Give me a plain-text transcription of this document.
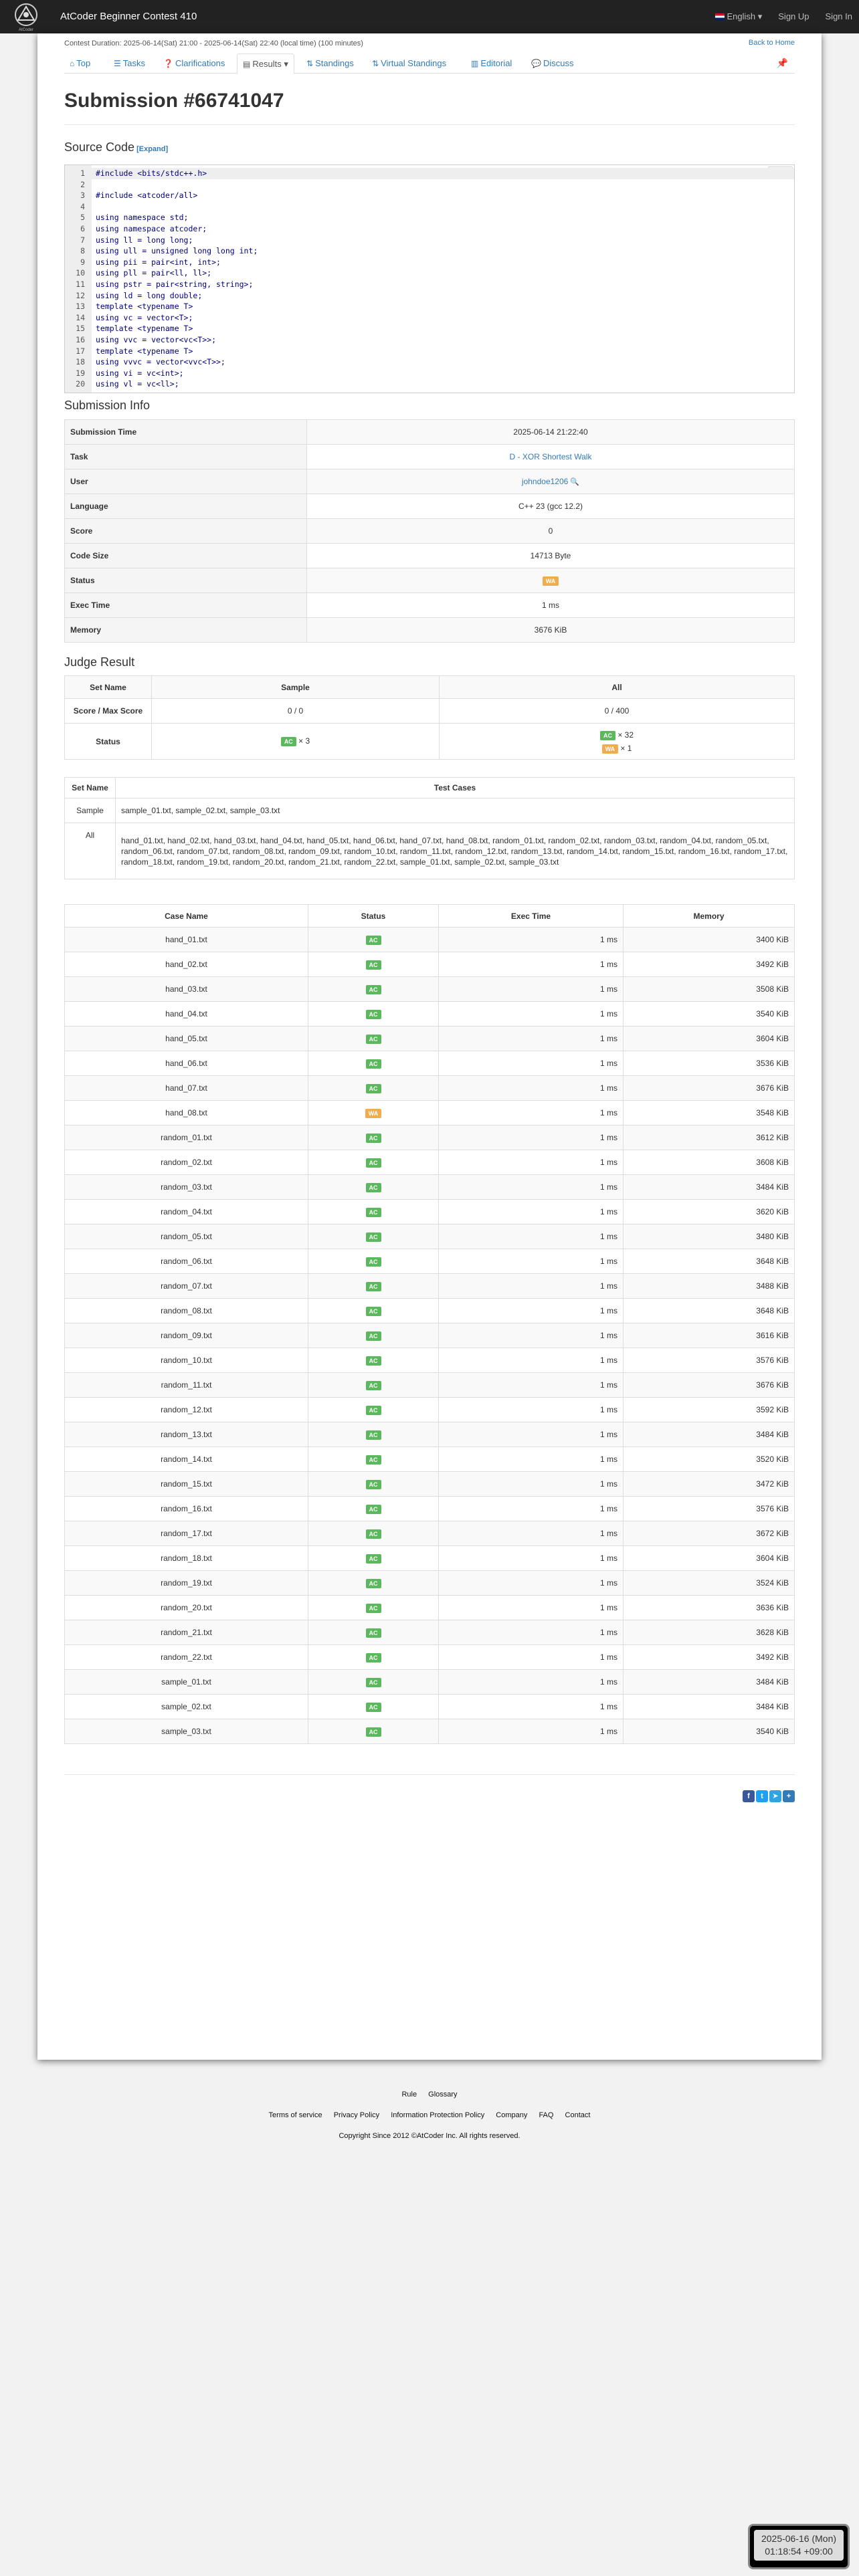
AtCoder
AtCoder Beginner Contest 410	English ▾ Sign Up Sign In
Contest Duration: 2025-06-14(Sat) 21:00 - 2025-06-14(Sat) 22:40 (local time) (100 minutes)	Back to Home
⌂ Top	☰ Tasks	❓ Clarifications	▤ Results ▾	⇅ Standings	⇅ Virtual Standings	▥ Editorial	💬 Discuss	📌
Submission #66741047
Source Code [Expand]
1 #include <bits/stdc++.h>
2
3 #include <atcoder/all>
4
5 using namespace std;
6 using namespace atcoder;
7 using ll = long long;
8 using ull = unsigned long long int;
9 using pii = pair<int, int>;
10 using pll = pair<ll, ll>;
11 using pstr = pair<string, string>;
12 using ld = long double;
13 template <typename T>
14 using vc = vector<T>;
15 template <typename T>
16 using vvc = vector<vc<T>>;
17 template <typename T>
18 using vvvc = vector<vvc<T>>;
19 using vi = vc<int>;
20 using vl = vc<ll>;
Submission Info
Submission Time	2025-06-14 21:22:40
Task	D - XOR Shortest Walk
User	johndoe1206 🔍
Language	C++ 23 (gcc 12.2)
Score	0
Code Size	14713 Byte
Status	WA
Exec Time	1 ms
Memory	3676 KiB
Judge Result
Set Name	Sample	All
Score / Max Score	0 / 0	0 / 400
Status	AC × 3	AC × 32
WA × 1
Set Name	Test Cases
Sample	sample_01.txt, sample_02.txt, sample_03.txt
All	hand_01.txt, hand_02.txt, hand_03.txt, hand_04.txt, hand_05.txt, hand_06.txt, hand_07.txt, hand_08.txt, random_01.txt, random_02.txt, random_03.txt, random_04.txt, random_05.txt, random_06.txt, random_07.txt, random_08.txt, random_09.txt, random_10.txt, random_11.txt, random_12.txt, random_13.txt, random_14.txt, random_15.txt, random_16.txt, random_17.txt, random_18.txt, random_19.txt, random_20.txt, random_21.txt, random_22.txt, sample_01.txt, sample_02.txt, sample_03.txt
Case Name	Status	Exec Time	Memory
hand_01.txt	AC	1 ms	3400 KiB
hand_02.txt	AC	1 ms	3492 KiB
hand_03.txt	AC	1 ms	3508 KiB
hand_04.txt	AC	1 ms	3540 KiB
hand_05.txt	AC	1 ms	3604 KiB
hand_06.txt	AC	1 ms	3536 KiB
hand_07.txt	AC	1 ms	3676 KiB
hand_08.txt	WA	1 ms	3548 KiB
random_01.txt	AC	1 ms	3612 KiB
random_02.txt	AC	1 ms	3608 KiB
random_03.txt	AC	1 ms	3484 KiB
random_04.txt	AC	1 ms	3620 KiB
random_05.txt	AC	1 ms	3480 KiB
random_06.txt	AC	1 ms	3648 KiB
random_07.txt	AC	1 ms	3488 KiB
random_08.txt	AC	1 ms	3648 KiB
random_09.txt	AC	1 ms	3616 KiB
random_10.txt	AC	1 ms	3576 KiB
random_11.txt	AC	1 ms	3676 KiB
random_12.txt	AC	1 ms	3592 KiB
random_13.txt	AC	1 ms	3484 KiB
random_14.txt	AC	1 ms	3520 KiB
random_15.txt	AC	1 ms	3472 KiB
random_16.txt	AC	1 ms	3576 KiB
random_17.txt	AC	1 ms	3672 KiB
random_18.txt	AC	1 ms	3604 KiB
random_19.txt	AC	1 ms	3524 KiB
random_20.txt	AC	1 ms	3636 KiB
random_21.txt	AC	1 ms	3628 KiB
random_22.txt	AC	1 ms	3492 KiB
sample_01.txt	AC	1 ms	3484 KiB
sample_02.txt	AC	1 ms	3484 KiB
sample_03.txt	AC	1 ms	3540 KiB
f	t	➤	+
Rule Glossary
Terms of service Privacy Policy Information Protection Policy Company FAQ Contact
Copyright Since 2012 ©AtCoder Inc. All rights reserved.
2025-06-16 (Mon)
01:18:54 +09:00
